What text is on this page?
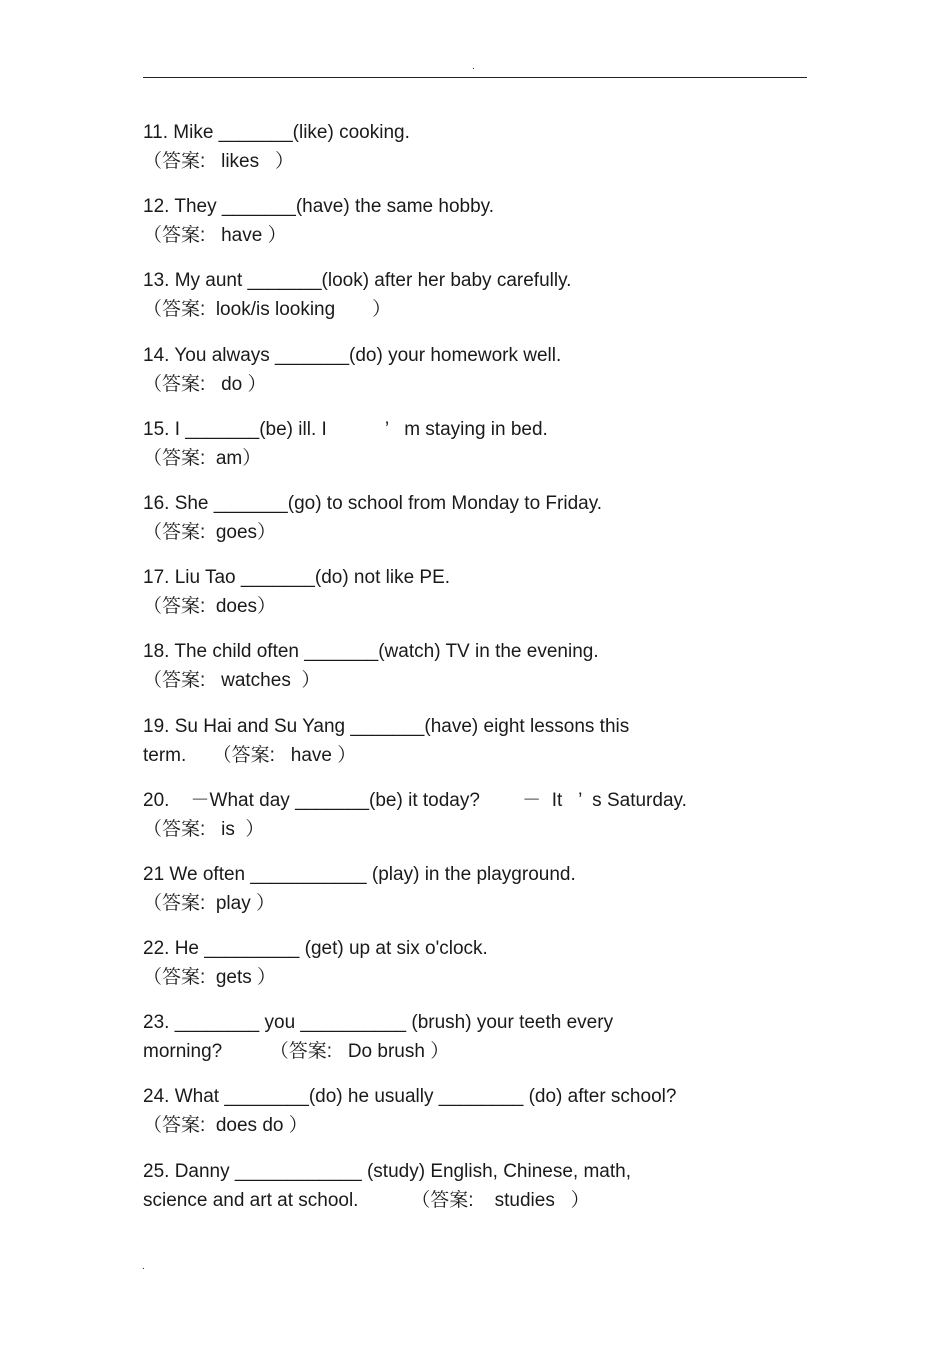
.
11. Mike _______(like) cooking.
（答案:   likes   ）
12. They _______(have) the same hobby.
（答案:   have ）
13. My aunt _______(look) after her baby carefully.
（答案:  look/is looking       ）
14. You always _______(do) your homework well.
（答案:   do ）
15. I _______(be) ill. I           ’   m staying in bed.
（答案:  am）
16. She _______(go) to school from Monday to Friday.
（答案:  goes）
17. Liu Tao _______(do) not like PE.
（答案:  does）
18. The child often _______(watch) TV in the evening.
（答案:   watches  ）
19. Su Hai and Su Yang _______(have) eight lessons this
term.     （答案:   have ）
20.    －What day _______(be) it today?        －  It   ’  s Saturday.
（答案:   is  ）
21 We often ___________ (play) in the playground.
（答案:  play ）
22. He _________ (get) up at six o'clock.
（答案:  gets ）
23. ________ you __________ (brush) your teeth every
morning?         （答案:   Do brush ）
24. What ________(do) he usually ________ (do) after school?
（答案:  does do ）
25. Danny ____________ (study) English, Chinese, math,
science and art at school.          （答案:    studies   ）
.
